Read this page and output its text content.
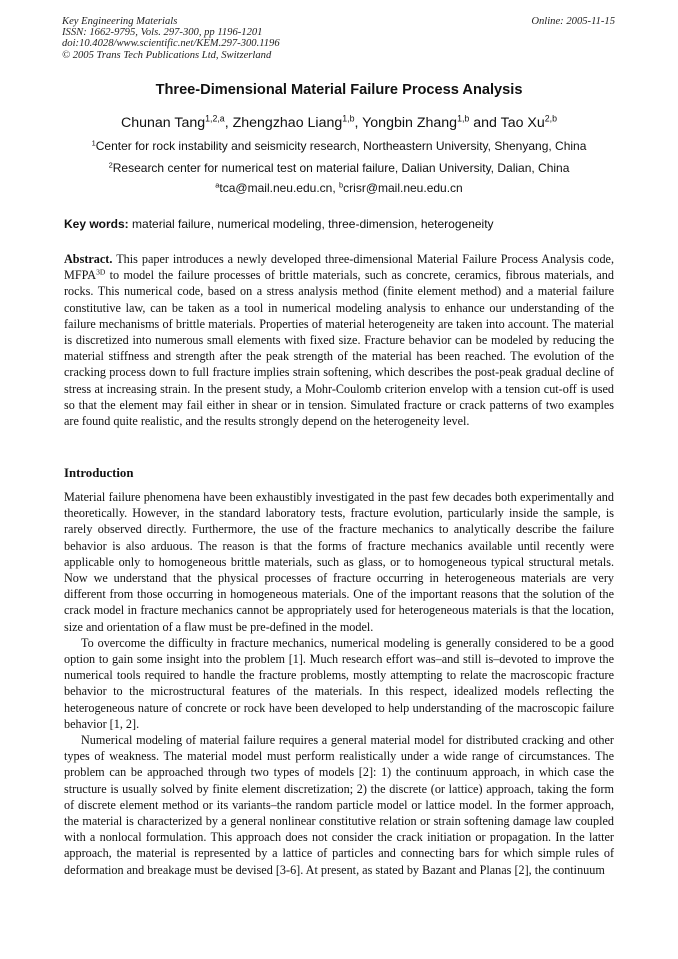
Key Engineering Materials
ISSN: 1662-9795, Vols. 297-300, pp 1196-1201
doi:10.4028/www.scientific.net/KEM.297-300.1196
© 2005 Trans Tech Publications Ltd, Switzerland
Online: 2005-11-15
Three-Dimensional Material Failure Process Analysis
Chunan Tang$^{1,2,a}$, Zhengzhao Liang$^{1,b}$, Yongbin Zhang$^{1,b}$ and Tao Xu$^{2,b}$
$^1$Center for rock instability and seismicity research, Northeastern University, Shenyang, China
$^2$Research center for numerical test on material failure, Dalian University, Dalian, China
$^a$tca@mail.neu.edu.cn, $^b$crisr@mail.neu.edu.cn
Key words: material failure, numerical modeling, three-dimension, heterogeneity

Abstract. This paper introduces a newly developed three-dimensional Material Failure Process Analysis code, $MFPA^{3D}$ to model the failure processes of brittle materials, such as concrete, ceramics, fibrous materials, and rocks. This numerical code, based on a stress analysis method (finite element method) and a material failure constitutive law, can be taken as a tool in numerical modeling analysis to enhance our understanding of the failure mechanisms of brittle materials. Properties of material heterogeneity are taken into account. The material is discretized into numerous small elements with fixed size. Fracture behavior can be modeled by reducing the material stiffness and strength after the peak strength of the material has been reached. The evolution of the cracking process down to full fracture implies strain softening, which describes the post-peak gradual decline of stress at increasing strain. In the present study, a Mohr-Coulomb criterion envelop with a tension cut-off is used so that the element may fail either in shear or in tension. Simulated fracture or crack patterns of two examples are found quite realistic, and the results strongly depend on the heterogeneity level.

Introduction

Material failure phenomena have been exhaustibly investigated in the past few decades both experimentally and theoretically. However, in the standard laboratory tests, fracture evolution, particularly inside the sample, is rarely observed directly. Furthermore, the use of the fracture mechanics to analytically describe the failure behavior is also arduous. The reason is that the forms of fracture mechanics available until recently were applicable only to homogeneous brittle materials, such as glass, or to homogeneous typical structural metals. Now we understand that the physical processes of fracture occurring in heterogeneous materials are very different from those occurring in homogeneous materials. One of the important reasons that the solution of the crack model in fracture mechanics cannot be appropriately used for heterogeneous materials is that the location, size and orientation of a flaw must be pre-defined in the model.

To overcome the difficulty in fracture mechanics, numerical modeling is generally considered to be a good option to gain some insight into the problem [1]. Much research effort was–and still is–devoted to improve the numerical tools required to handle the fracture problems, mostly attempting to relate the macroscopic fracture behavior to the microstructural features of the materials. In this respect, idealized models reflecting the heterogeneous nature of concrete or rock have been developed to help understanding of the macroscopic failure behavior [1, 2].

Numerical modeling of material failure requires a general material model for distributed cracking and other types of weakness. The material model must perform realistically under a wide range of circumstances. The problem can be approached through two types of models [2]: 1) the continuum approach, in which case the structure is usually solved by finite element discretization; 2) the discrete (or lattice) approach, taking the form of discrete element method or its variants–the random particle model or lattice model. In the former approach, the material is characterized by a general nonlinear constitutive relation or strain softening damage law coupled with a nonlocal formulation. This approach does not consider the crack initiation or propagation. In the latter approach, the material is represented by a lattice of particles and connecting bars for which simple rules of deformation and breakage must be devised [3-6]. At present, as stated by Bazant and Planas [2], the continuum
